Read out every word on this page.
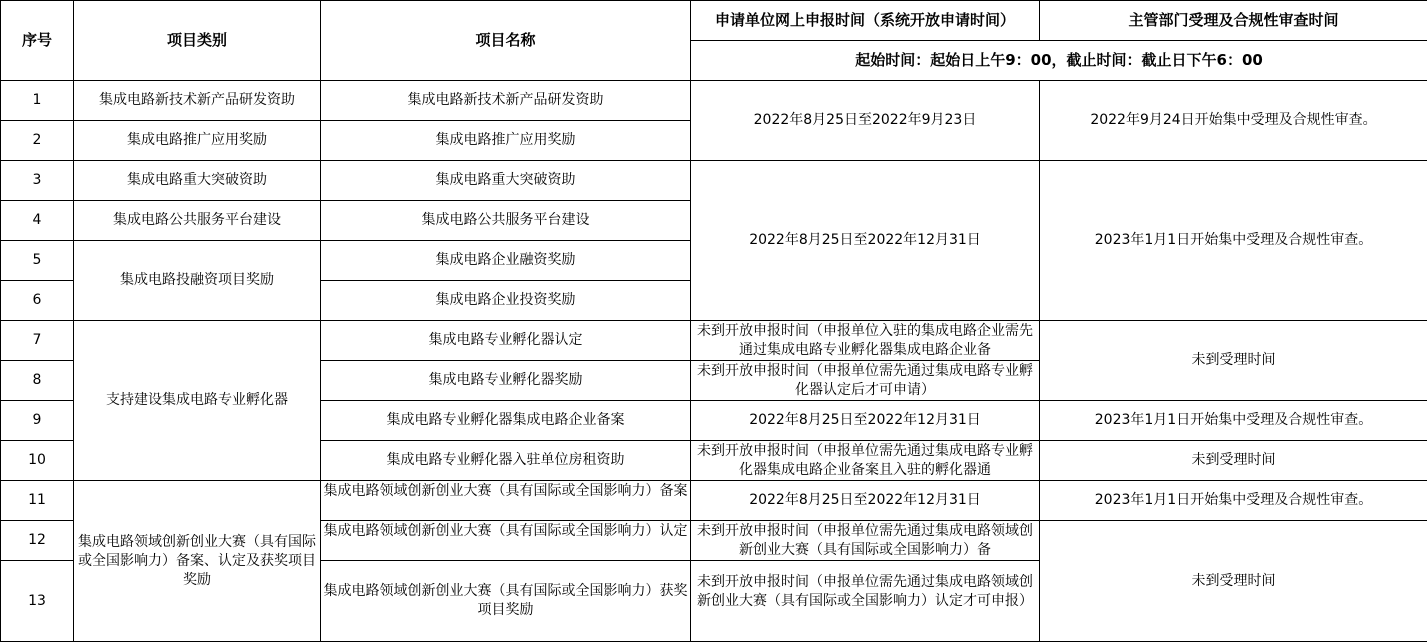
序号	项目类别	项目名称	申请单位网上申报时间（系统开放申请时间）	主管部门受理及合规性审查时间
			起始时间：起始日上午9：00，截止时间：截止日下午6：00	
1	集成电路新技术新产品研发资助	集成电路新技术新产品研发资助	2022年8月25日至2022年9月23日	2022年9月24日开始集中受理及合规性审查。
2	集成电路推广应用奖励	集成电路推广应用奖励		
3	集成电路重大突破资助	集成电路重大突破资助	2022年8月25日至2022年12月31日	2023年1月1日开始集中受理及合规性审查。
4	集成电路公共服务平台建设	集成电路公共服务平台建设		
5	集成电路投融资项目奖励	集成电路企业融资奖励		
6		集成电路企业投资奖励		
7	支持建设集成电路专业孵化器	集成电路专业孵化器认定	未到开放申报时间（申报单位入驻的集成电路企业需先通过集成电路专业孵化器集成电路企业备	未到受理时间
8		集成电路专业孵化器奖励	未到开放申报时间（申报单位需先通过集成电路专业孵化器认定后才可申请）	

9		集成电路专业孵化器集成电路企业备案	2022年8月25日至2022年12月31日	2023年1月1日开始集中受理及合规性审查。
10		集成电路专业孵化器入驻单位房租资助	未到开放申报时间（申报单位需先通过集成电路专业孵化器集成电路企业备案且入驻的孵化器通	未到受理时间
11	集成电路领域创新创业大赛（具有国际或全国影响力）备案、认定及获奖项目奖励	集成电路领域创新创业大赛（具有国际或全国影响力）备案	2022年8月25日至2022年12月31日	2023年1月1日开始集中受理及合规性审查。
12		集成电路领域创新创业大赛（具有国际或全国影响力）认定	未到开放申报时间（申报单位需先通过集成电路领域创新创业大赛（具有国际或全国影响力）备	未到受理时间
13		集成电路领域创新创业大赛（具有国际或全国影响力）获奖项目奖励	未到开放申报时间（申报单位需先通过集成电路领域创新创业大赛（具有国际或全国影响力）认定才可申报）	
